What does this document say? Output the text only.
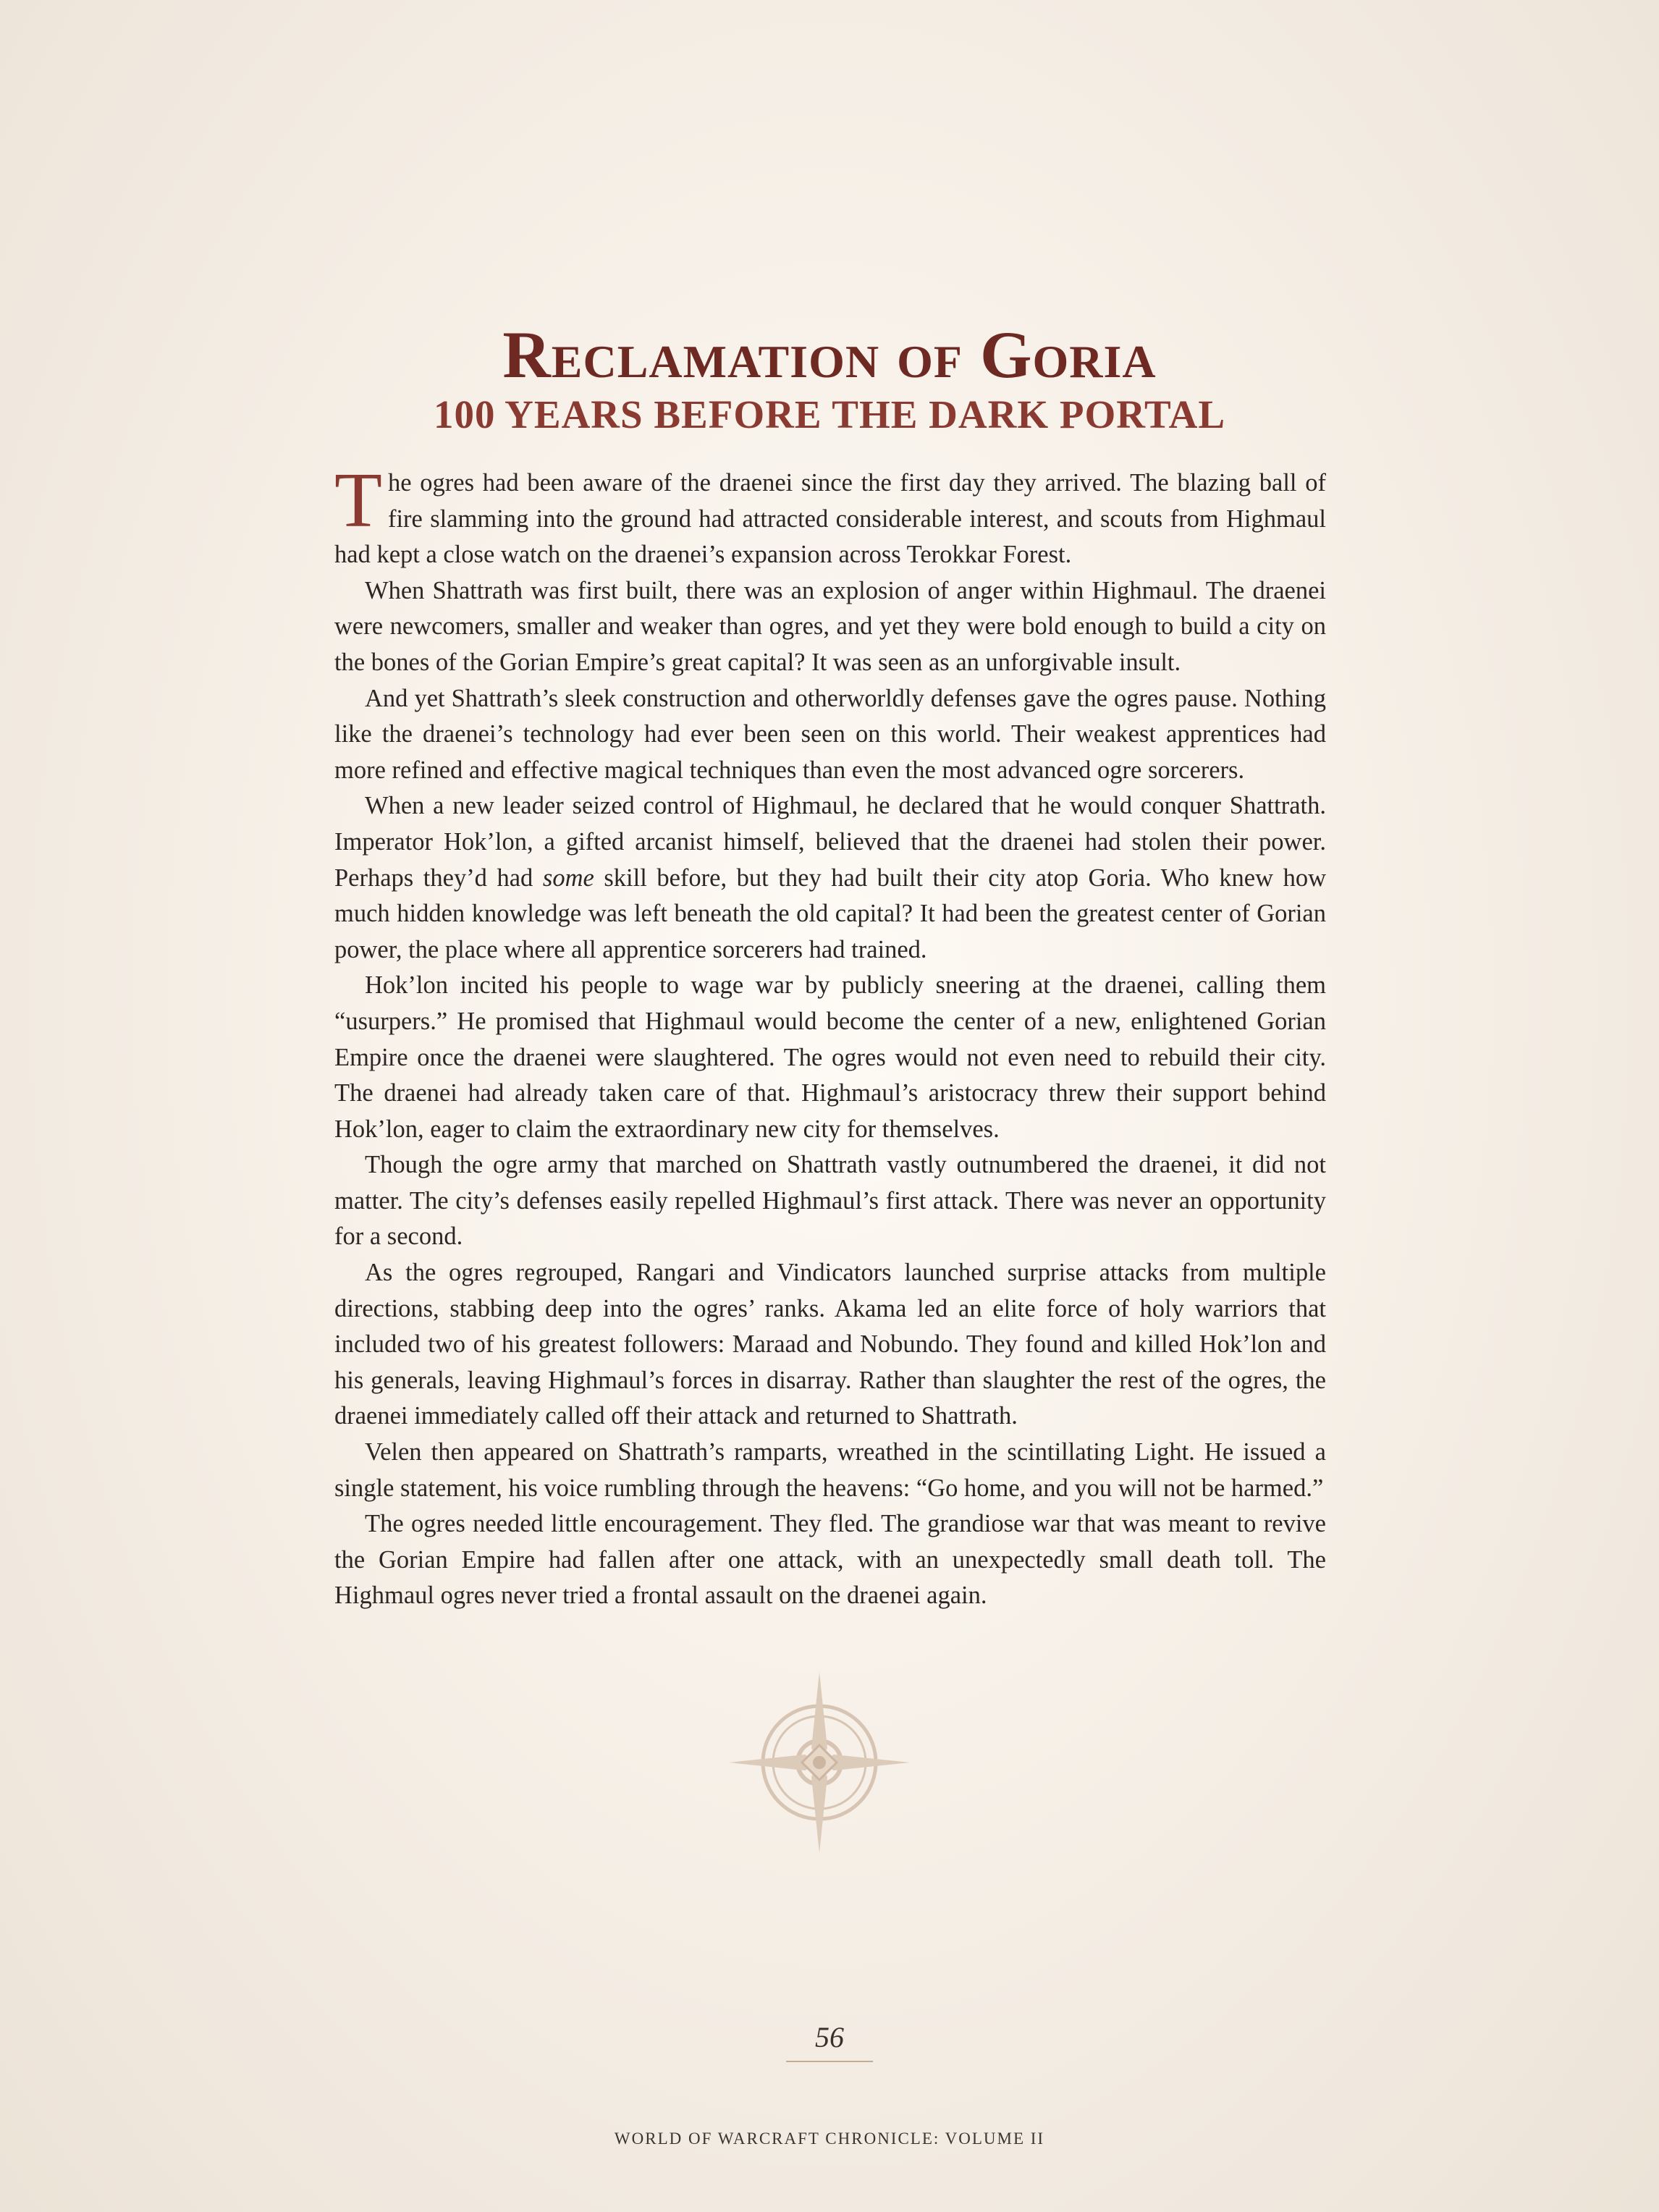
Reclamation of Goria
100 YEARS BEFORE THE DARK PORTAL

The ogres had been aware of the draenei since the first day they arrived. The blazing ball of fire slamming into the ground had attracted considerable interest, and scouts from Highmaul had kept a close watch on the draenei’s expansion across Terokkar Forest.

When Shattrath was first built, there was an explosion of anger within Highmaul. The draenei were newcomers, smaller and weaker than ogres, and yet they were bold enough to build a city on the bones of the Gorian Empire’s great capital? It was seen as an unforgivable insult.

And yet Shattrath’s sleek construction and otherworldly defenses gave the ogres pause. Nothing like the draenei’s technology had ever been seen on this world. Their weakest apprentices had more refined and effective magical techniques than even the most advanced ogre sorcerers.

When a new leader seized control of Highmaul, he declared that he would conquer Shattrath. Imperator Hok’lon, a gifted arcanist himself, believed that the draenei had stolen their power. Perhaps they’d had some skill before, but they had built their city atop Goria. Who knew how much hidden knowledge was left beneath the old capital? It had been the greatest center of Gorian power, the place where all apprentice sorcerers had trained.

Hok’lon incited his people to wage war by publicly sneering at the draenei, calling them “usurpers.” He promised that Highmaul would become the center of a new, enlightened Gorian Empire once the draenei were slaughtered. The ogres would not even need to rebuild their city. The draenei had already taken care of that. Highmaul’s aristocracy threw their support behind Hok’lon, eager to claim the extraordinary new city for themselves.

Though the ogre army that marched on Shattrath vastly outnumbered the draenei, it did not matter. The city’s defenses easily repelled Highmaul’s first attack. There was never an opportunity for a second.

As the ogres regrouped, Rangari and Vindicators launched surprise attacks from multiple directions, stabbing deep into the ogres’ ranks. Akama led an elite force of holy warriors that included two of his greatest followers: Maraad and Nobundo. They found and killed Hok’lon and his generals, leaving Highmaul’s forces in disarray. Rather than slaughter the rest of the ogres, the draenei immediately called off their attack and returned to Shattrath.

Velen then appeared on Shattrath’s ramparts, wreathed in the scintillating Light. He issued a single statement, his voice rumbling through the heavens: “Go home, and you will not be harmed.”

The ogres needed little encouragement. They fled. The grandiose war that was meant to revive the Gorian Empire had fallen after one attack, with an unexpectedly small death toll. The Highmaul ogres never tried a frontal assault on the draenei again.

56
WORLD OF WARCRAFT CHRONICLE: VOLUME II
